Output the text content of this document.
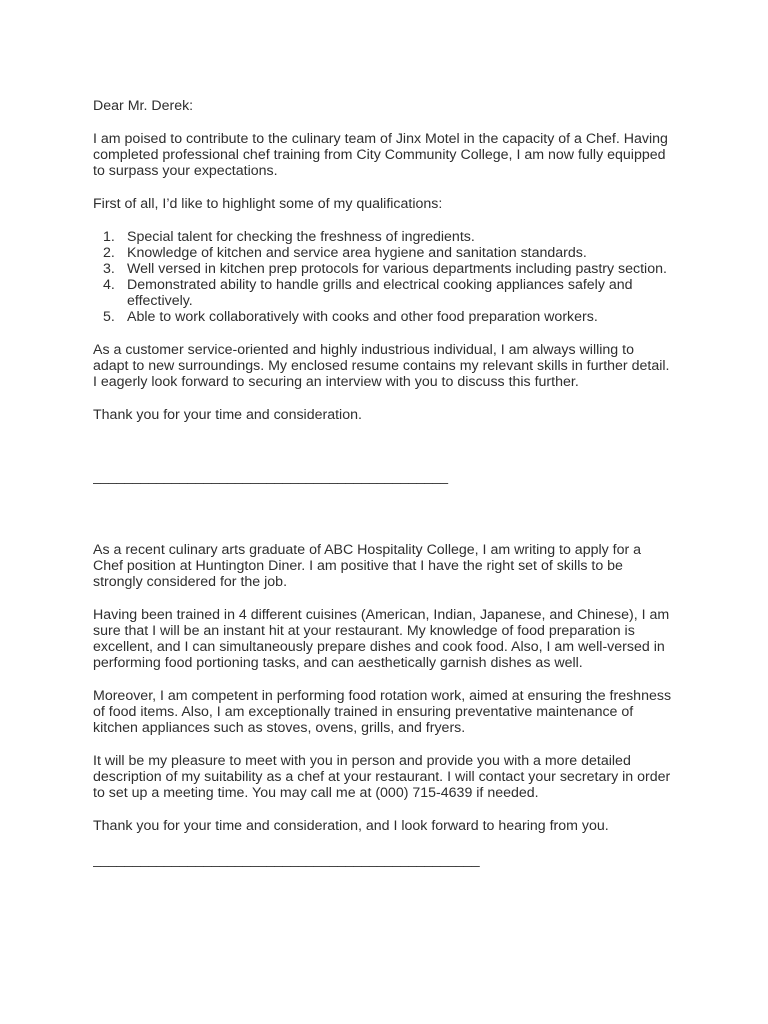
Dear Mr. Derek:

I am poised to contribute to the culinary team of Jinx Motel in the capacity of a Chef. Having completed professional chef training from City Community College, I am now fully equipped to surpass your expectations.

First of all, I’d like to highlight some of my qualifications:

1. Special talent for checking the freshness of ingredients.
2. Knowledge of kitchen and service area hygiene and sanitation standards.
3. Well versed in kitchen prep protocols for various departments including pastry section.
4. Demonstrated ability to handle grills and electrical cooking appliances safely and effectively.
5. Able to work collaboratively with cooks and other food preparation workers.

As a customer service-oriented and highly industrious individual, I am always willing to adapt to new surroundings. My enclosed resume contains my relevant skills in further detail. I eagerly look forward to securing an interview with you to discuss this further.

Thank you for your time and consideration.

_____________________________________________

As a recent culinary arts graduate of ABC Hospitality College, I am writing to apply for a Chef position at Huntington Diner. I am positive that I have the right set of skills to be strongly considered for the job.

Having been trained in 4 different cuisines (American, Indian, Japanese, and Chinese), I am sure that I will be an instant hit at your restaurant. My knowledge of food preparation is excellent, and I can simultaneously prepare dishes and cook food. Also, I am well-versed in performing food portioning tasks, and can aesthetically garnish dishes as well.

Moreover, I am competent in performing food rotation work, aimed at ensuring the freshness of food items. Also, I am exceptionally trained in ensuring preventative maintenance of kitchen appliances such as stoves, ovens, grills, and fryers.

It will be my pleasure to meet with you in person and provide you with a more detailed description of my suitability as a chef at your restaurant. I will contact your secretary in order to set up a meeting time. You may call me at (000) 715-4639 if needed.

Thank you for your time and consideration, and I look forward to hearing from you.

_________________________________________________
